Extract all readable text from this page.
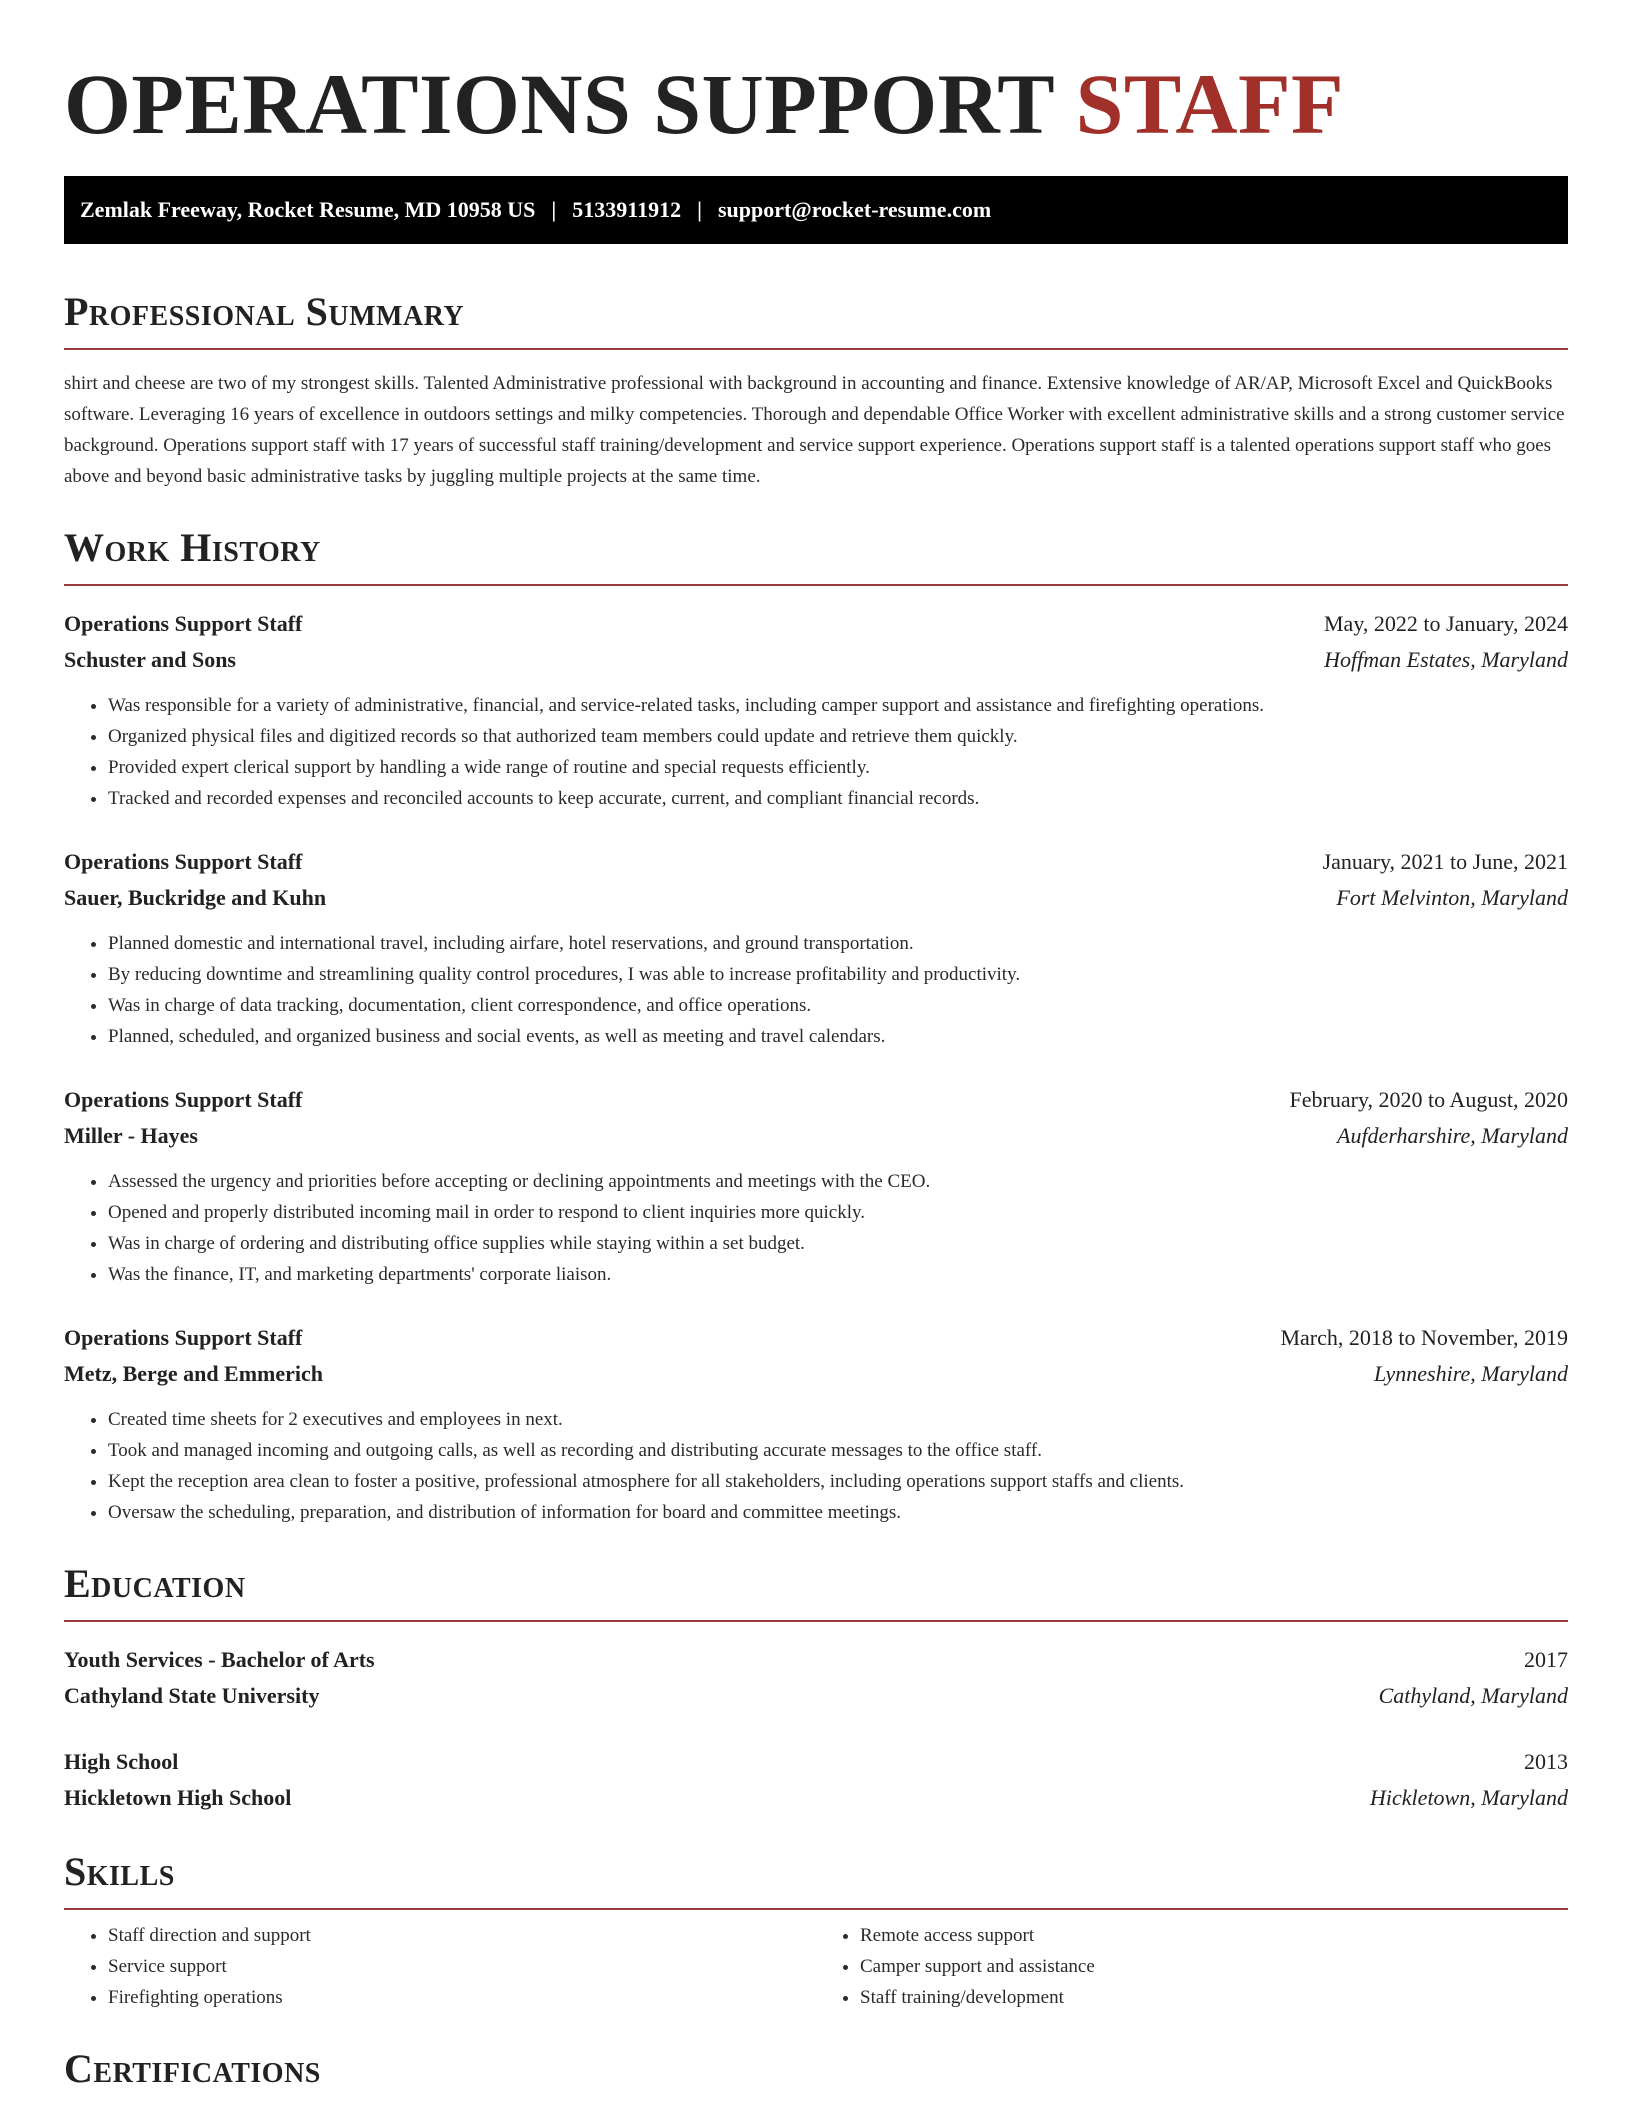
OPERATIONS SUPPORT STAFF
Zemlak Freeway, Rocket Resume, MD 10958 US | 5133911912 | support@rocket-resume.com
Professional Summary

shirt and cheese are two of my strongest skills. Talented Administrative professional with background in accounting and finance. Extensive knowledge of AR/AP, Microsoft Excel and QuickBooks software. Leveraging 16 years of excellence in outdoors settings and milky competencies. Thorough and dependable Office Worker with excellent administrative skills and a strong customer service background. Operations support staff with 17 years of successful staff training/development and service support experience. Operations support staff is a talented operations support staff who goes above and beyond basic administrative tasks by juggling multiple projects at the same time.

Work History
Operations Support Staff	May, 2022 to January, 2024
Schuster and Sons	Hoffman Estates, Maryland
• Was responsible for a variety of administrative, financial, and service-related tasks, including camper support and assistance and firefighting operations.
• Organized physical files and digitized records so that authorized team members could update and retrieve them quickly.
• Provided expert clerical support by handling a wide range of routine and special requests efficiently.
• Tracked and recorded expenses and reconciled accounts to keep accurate, current, and compliant financial records.
Operations Support Staff	January, 2021 to June, 2021
Sauer, Buckridge and Kuhn	Fort Melvinton, Maryland
• Planned domestic and international travel, including airfare, hotel reservations, and ground transportation.
• By reducing downtime and streamlining quality control procedures, I was able to increase profitability and productivity.
• Was in charge of data tracking, documentation, client correspondence, and office operations.
• Planned, scheduled, and organized business and social events, as well as meeting and travel calendars.
Operations Support Staff	February, 2020 to August, 2020
Miller - Hayes	Aufderharshire, Maryland
• Assessed the urgency and priorities before accepting or declining appointments and meetings with the CEO.
• Opened and properly distributed incoming mail in order to respond to client inquiries more quickly.
• Was in charge of ordering and distributing office supplies while staying within a set budget.
• Was the finance, IT, and marketing departments' corporate liaison.
Operations Support Staff	March, 2018 to November, 2019
Metz, Berge and Emmerich	Lynneshire, Maryland
• Created time sheets for 2 executives and employees in next.
• Took and managed incoming and outgoing calls, as well as recording and distributing accurate messages to the office staff.
• Kept the reception area clean to foster a positive, professional atmosphere for all stakeholders, including operations support staffs and clients.
• Oversaw the scheduling, preparation, and distribution of information for board and committee meetings.
Education
Youth Services - Bachelor of Arts	2017
Cathyland State University	Cathyland, Maryland
High School	2013
Hickletown High School	Hickletown, Maryland
Skills
• Staff direction and support
• Service support
• Firefighting operations
• Remote access support
• Camper support and assistance
• Staff training/development
Certifications
